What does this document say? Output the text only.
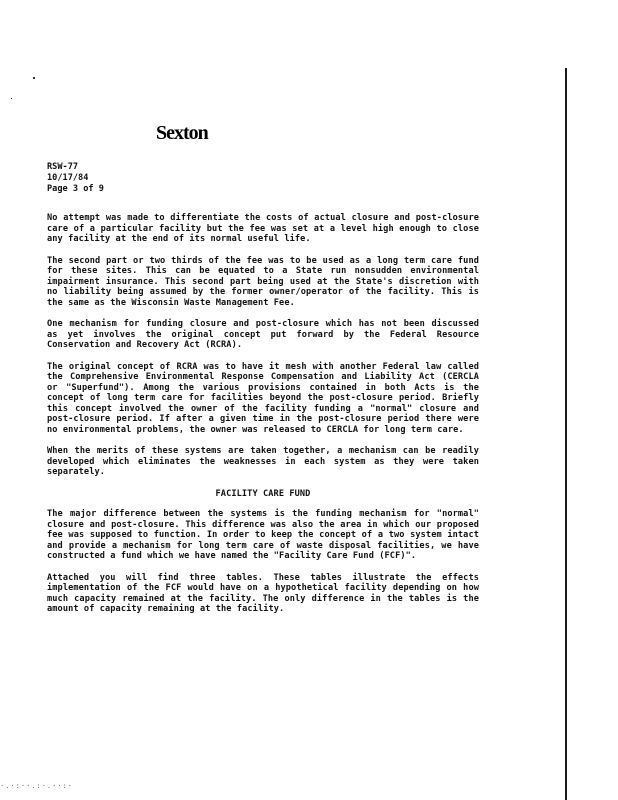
Sexton
RSW-77
10/17/84
Page 3 of 9

No attempt was made to differentiate the costs of actual closure and post-closure care of a particular facility but the fee was set at a level high enough to close any facility at the end of its normal useful life.

The second part or two thirds of the fee was to be used as a long term care fund for these sites. This can be equated to a State run nonsudden environmental impairment insurance. This second part being used at the State's discretion with no liability being assumed by the former owner/operator of the facility. This is the same as the Wisconsin Waste Management Fee.

One mechanism for funding closure and post-closure which has not been discussed as yet involves the original concept put forward by the Federal Resource Conservation and Recovery Act (RCRA).

The original concept of RCRA was to have it mesh with another Federal law called the Comprehensive Environmental Response Compensation and Liability Act (CERCLA or "Superfund"). Among the various provisions contained in both Acts is the concept of long term care for facilities beyond the post-closure period. Briefly this concept involved the owner of the facility funding a "normal" closure and post-closure period. If after a given time in the post-closure period there were no environmental problems, the owner was released to CERCLA for long term care.

When the merits of these systems are taken together, a mechanism can be readily developed which eliminates the weaknesses in each system as they were taken separately.

FACILITY CARE FUND

The major difference between the systems is the funding mechanism for "normal" closure and post-closure. This difference was also the area in which our proposed fee was supposed to function. In order to keep the concept of a two system intact and provide a mechanism for long term care of waste disposal facilities, we have constructed a fund which we have named the "Facility Care Fund (FCF)".

Attached you will find three tables. These tables illustrate the effects implementation of the FCF would have on a hypothetical facility depending on how much capacity remained at the facility. The only difference in the tables is the amount of capacity remaining at the facility.

·.·:··.:·.··:·
